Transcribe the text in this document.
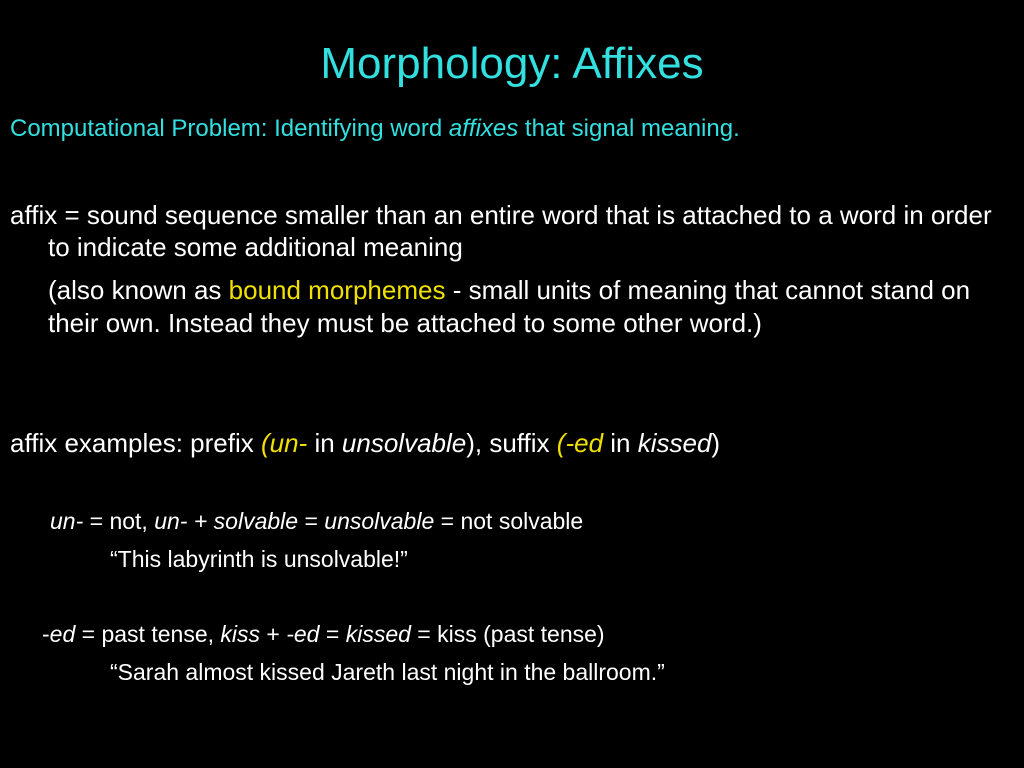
Morphology: Affixes
Computational Problem: Identifying word affixes that signal meaning.
affix = sound sequence smaller than an entire word that is attached to a word in order to indicate some additional meaning
(also known as bound morphemes - small units of meaning that cannot stand on their own. Instead they must be attached to some other word.)
affix examples: prefix (un- in unsolvable), suffix (-ed in kissed)
un- = not, un- + solvable = unsolvable = not solvable
“This labyrinth is unsolvable!”
-ed = past tense, kiss + -ed = kissed = kiss (past tense)
“Sarah almost kissed Jareth last night in the ballroom.”
